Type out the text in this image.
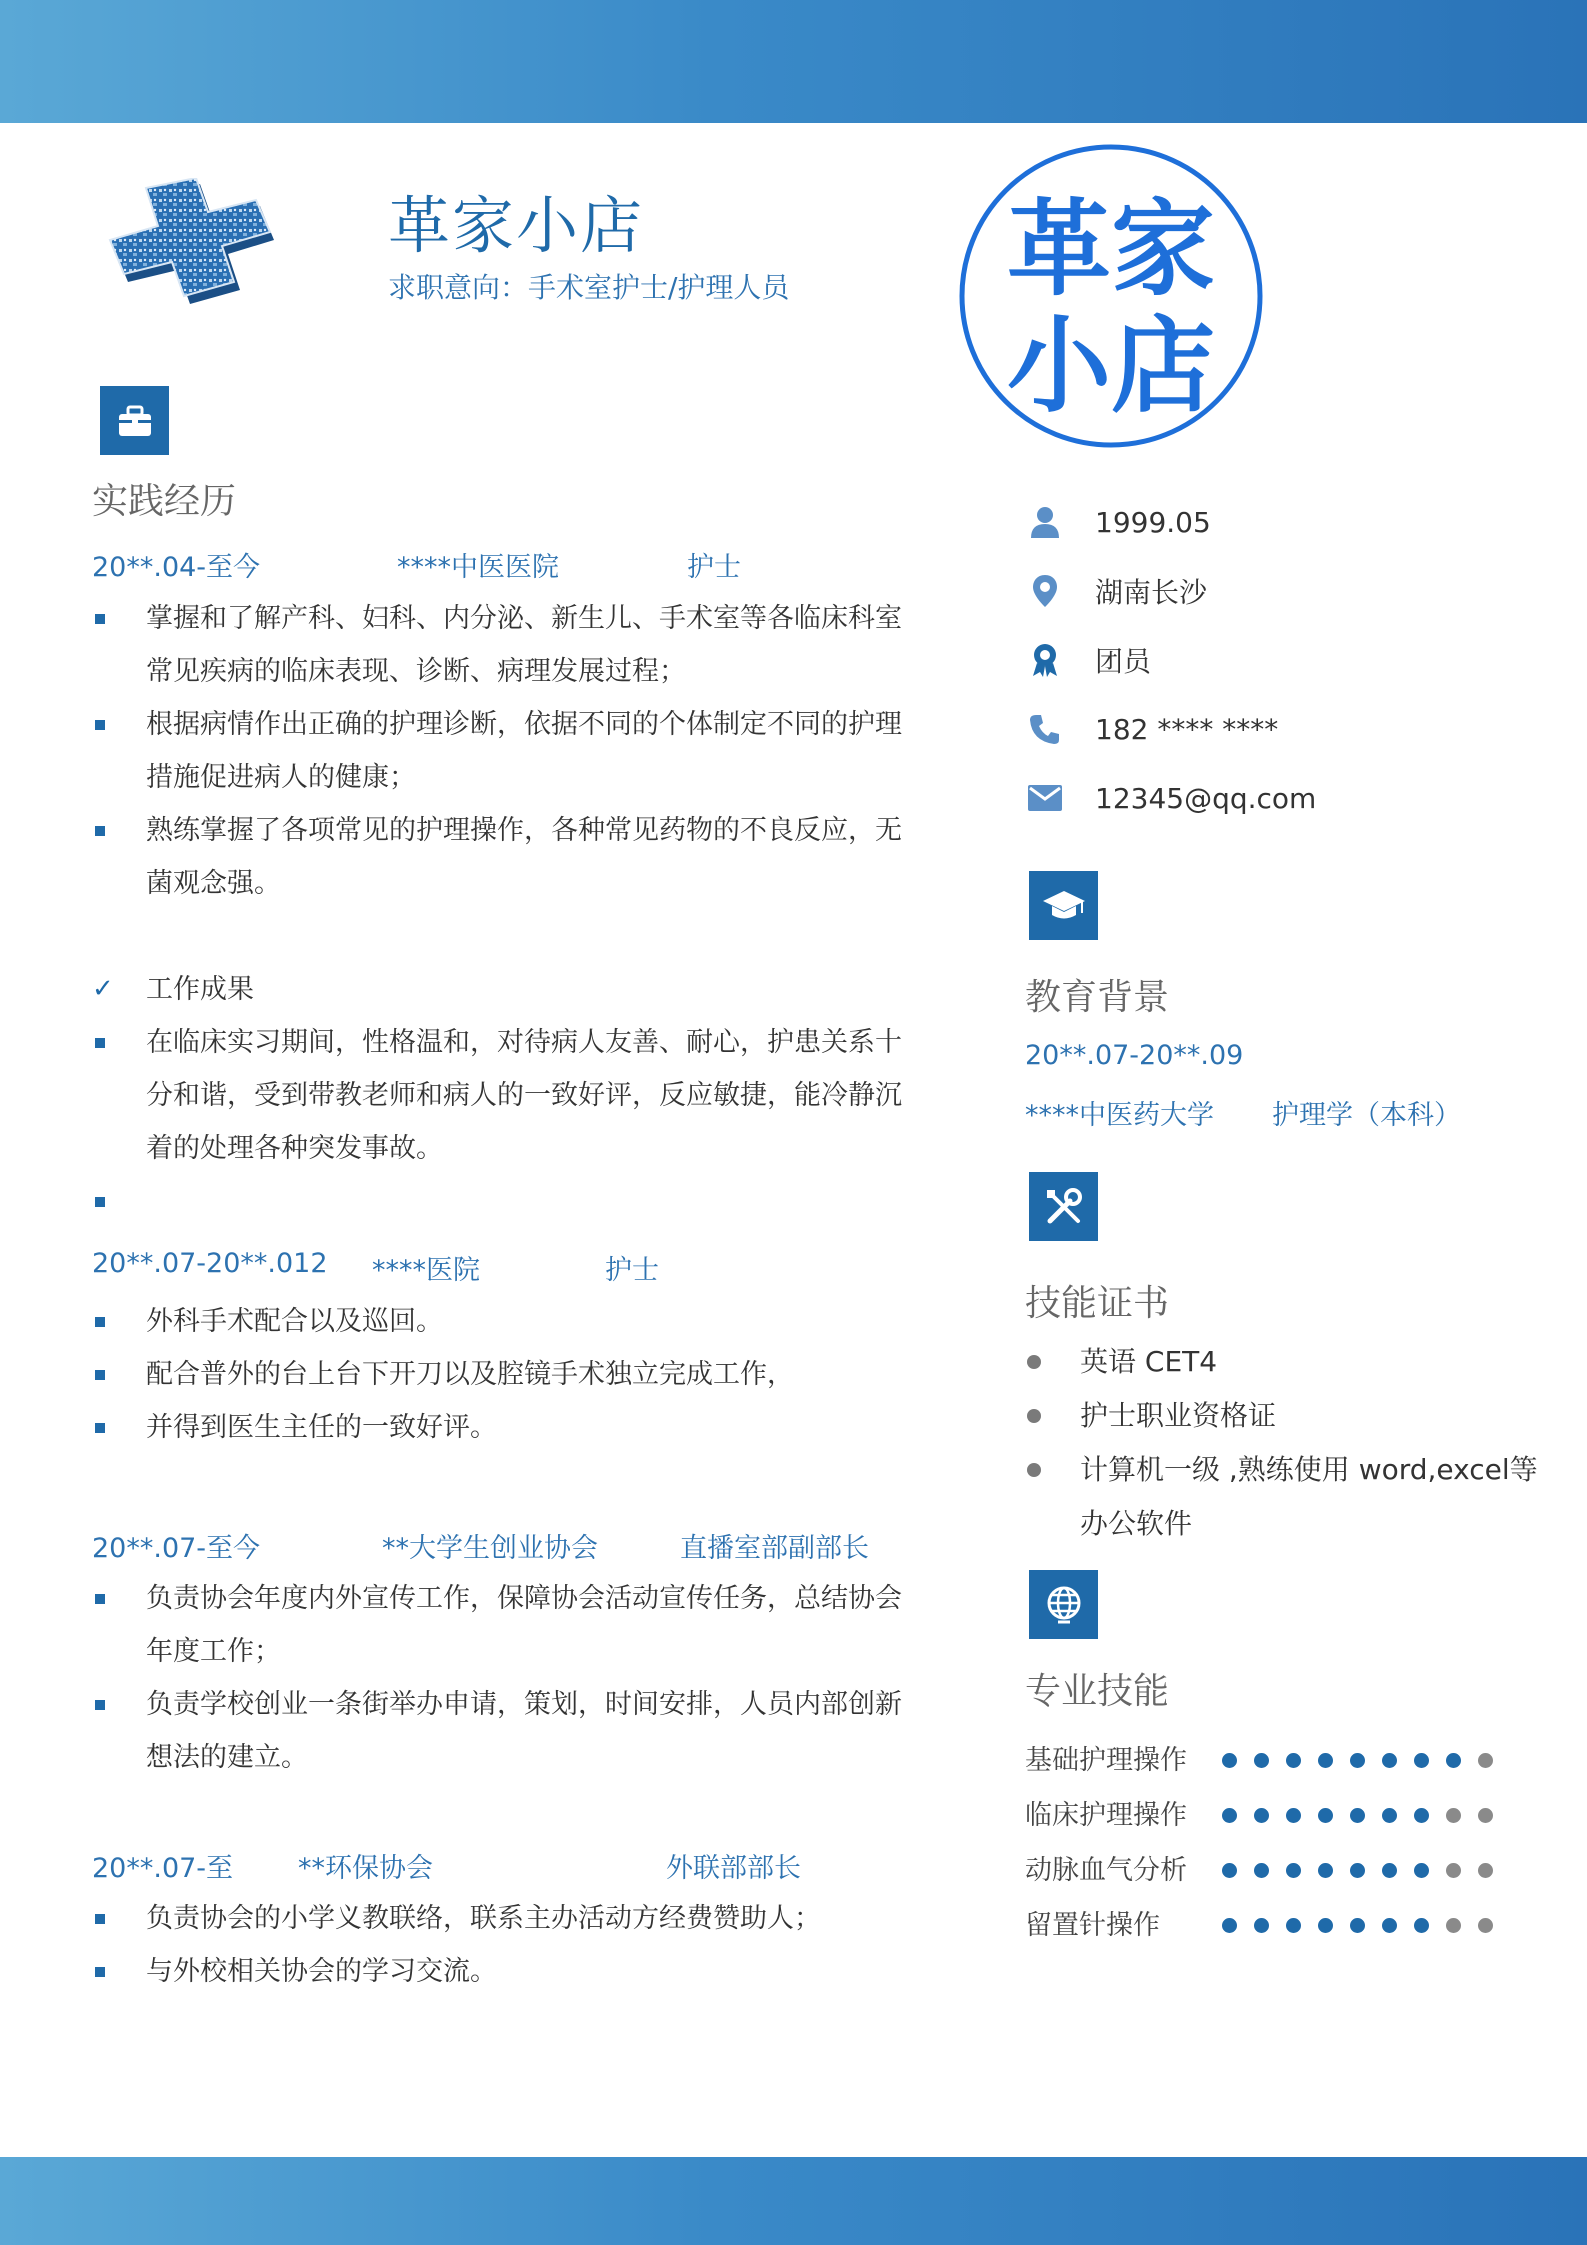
革家小店
求职意向：手术室护士/护理人员 革家
小店
实践经历
20**.04-至今	****中医医院	护士
掌握和了解产科、妇科、内分泌、新生儿、手术室等各临床科室常见疾病的临床表现、诊断、病理发展过程；
根据病情作出正确的护理诊断，依据不同的个体制定不同的护理措施促进病人的健康；
熟练掌握了各项常见的护理操作，各种常见药物的不良反应，无菌观念强。
✓ 工作成果
在临床实习期间，性格温和，对待病人友善、耐心，护患关系十分和谐，受到带教老师和病人的一致好评，反应敏捷，能冷静沉着的处理各种突发事故。
20**.07-20**.012 ****医院	护士
外科手术配合以及巡回。
配合普外的台上台下开刀以及腔镜手术独立完成工作，
并得到医生主任的一致好评。
20**.07-至今	**大学生创业协会	直播室部副部长
负责协会年度内外宣传工作，保障协会活动宣传任务，总结协会年度工作；
负责学校创业一条街举办申请，策划，时间安排，人员内部创新想法的建立。
20**.07-至 **环保协会	外联部部长
负责协会的小学义教联络，联系主办活动方经费赞助人；
与外校相关协会的学习交流。
1999.05
湖南长沙
团员
182 **** ****
12345@qq.com
教育背景
20**.07-20**.09
****中医药大学 护理学（本科）
技能证书
英语 CET4
护士职业资格证
计算机一级 ,熟练使用 word,excel等办公软件
专业技能
基础护理操作
临床护理操作
动脉血气分析
留置针操作
